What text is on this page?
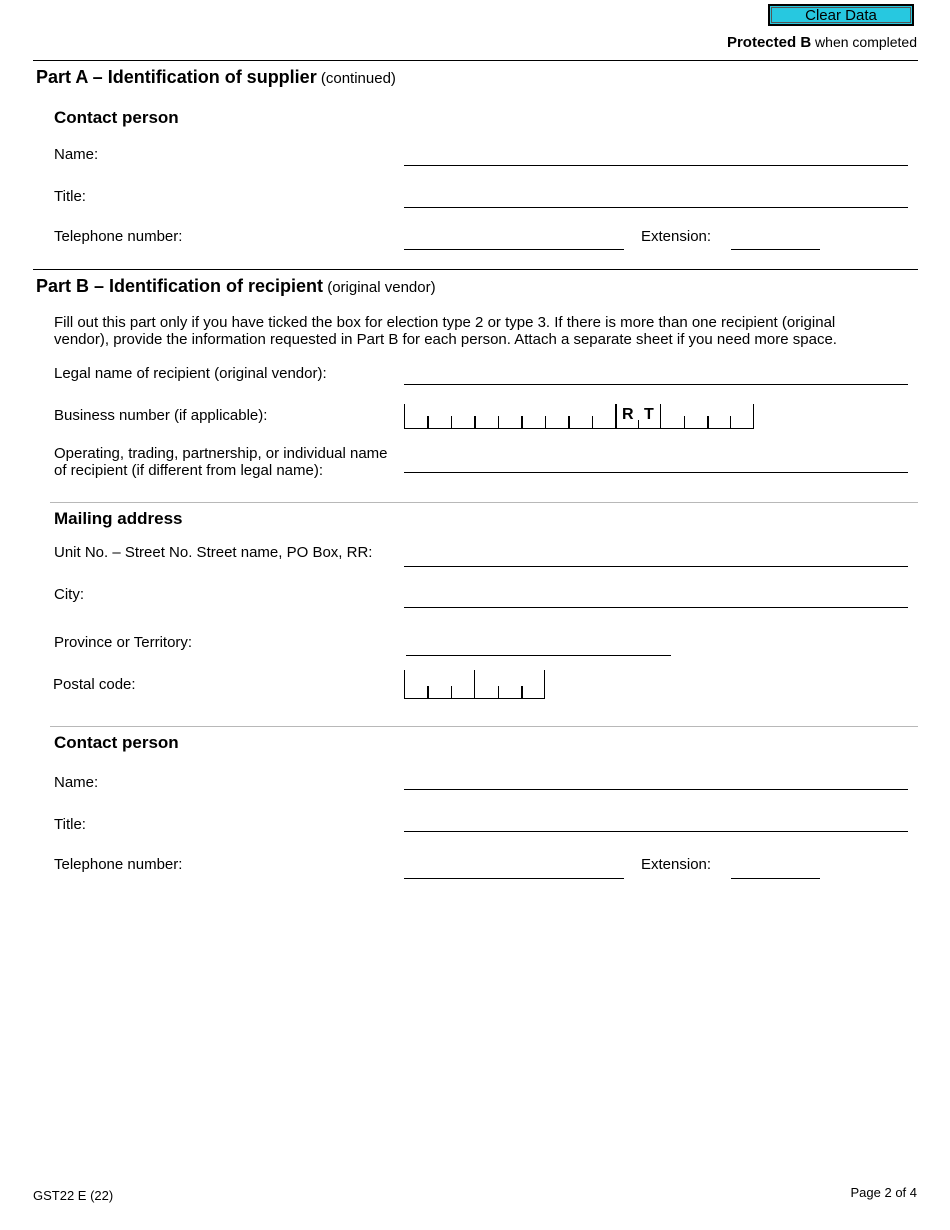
Clear Data
Protected B when completed
Part A – Identification of supplier (continued)
Contact person
Name:
Title:
Telephone number:	Extension:
Part B – Identification of recipient (original vendor)
Fill out this part only if you have ticked the box for election type 2 or type 3. If there is more than one recipient (original vendor), provide the information requested in Part B for each person. Attach a separate sheet if you need more space.
Legal name of recipient (original vendor):
Business number (if applicable):	R T
Operating, trading, partnership, or individual name
of recipient (if different from legal name):
Mailing address
Unit No. – Street No. Street name, PO Box, RR:
City:
Province or Territory:
Postal code:
Contact person
Name:
Title:
Telephone number:	Extension:
GST22 E (22)	Page 2 of 4
